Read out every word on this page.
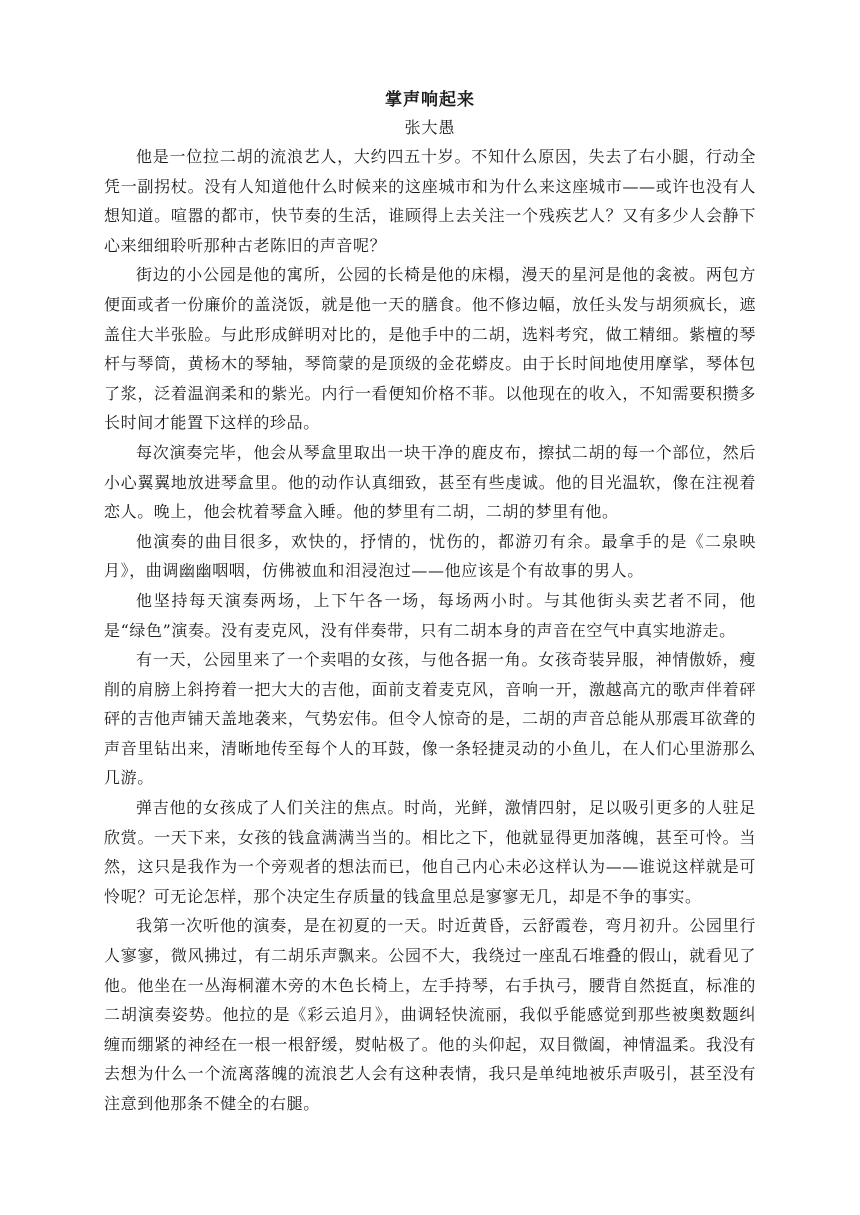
掌声响起来
张大愚

他是一位拉二胡的流浪艺人，大约四五十岁。不知什么原因，失去了右小腿，行动全凭一副拐杖。没有人知道他什么时候来的这座城市和为什么来这座城市——或许也没有人想知道。喧嚣的都市，快节奏的生活，谁顾得上去关注一个残疾艺人？又有多少人会静下心来细细聆听那种古老陈旧的声音呢？

街边的小公园是他的寓所，公园的长椅是他的床榻，漫天的星河是他的衾被。两包方便面或者一份廉价的盖浇饭，就是他一天的膳食。他不修边幅，放任头发与胡须疯长，遮盖住大半张脸。与此形成鲜明对比的，是他手中的二胡，选料考究，做工精细。紫檀的琴杆与琴筒，黄杨木的琴轴，琴筒蒙的是顶级的金花蟒皮。由于长时间地使用摩挲，琴体包了浆，泛着温润柔和的紫光。内行一看便知价格不菲。以他现在的收入，不知需要积攒多长时间才能置下这样的珍品。

每次演奏完毕，他会从琴盒里取出一块干净的鹿皮布，擦拭二胡的每一个部位，然后小心翼翼地放进琴盒里。他的动作认真细致，甚至有些虔诚。他的目光温软，像在注视着恋人。晚上，他会枕着琴盒入睡。他的梦里有二胡，二胡的梦里有他。

他演奏的曲目很多，欢快的，抒情的，忧伤的，都游刃有余。最拿手的是《二泉映月》，曲调幽幽咽咽，仿佛被血和泪浸泡过——他应该是个有故事的男人。

他坚持每天演奏两场，上下午各一场，每场两小时。与其他街头卖艺者不同，他是“绿色”演奏。没有麦克风，没有伴奏带，只有二胡本身的声音在空气中真实地游走。

有一天，公园里来了一个卖唱的女孩，与他各据一角。女孩奇装异服，神情傲娇，瘦削的肩膀上斜挎着一把大大的吉他，面前支着麦克风，音响一开，激越高亢的歌声伴着砰砰的吉他声铺天盖地袭来，气势宏伟。但令人惊奇的是，二胡的声音总能从那震耳欲聋的声音里钻出来，清晰地传至每个人的耳鼓，像一条轻捷灵动的小鱼儿，在人们心里游那么几游。

弹吉他的女孩成了人们关注的焦点。时尚，光鲜，激情四射，足以吸引更多的人驻足欣赏。一天下来，女孩的钱盒满满当当的。相比之下，他就显得更加落魄，甚至可怜。当然，这只是我作为一个旁观者的想法而已，他自己内心未必这样认为——谁说这样就是可怜呢？可无论怎样，那个决定生存质量的钱盒里总是寥寥无几，却是不争的事实。

我第一次听他的演奏，是在初夏的一天。时近黄昏，云舒霞卷，弯月初升。公园里行人寥寥，微风拂过，有二胡乐声飘来。公园不大，我绕过一座乱石堆叠的假山，就看见了他。他坐在一丛海桐灌木旁的木色长椅上，左手持琴，右手执弓，腰背自然挺直，标准的二胡演奏姿势。他拉的是《彩云追月》，曲调轻快流丽，我似乎能感觉到那些被奥数题纠缠而绷紧的神经在一根一根舒缓，熨帖极了。他的头仰起，双目微阖，神情温柔。我没有去想为什么一个流离落魄的流浪艺人会有这种表情，我只是单纯地被乐声吸引，甚至没有注意到他那条不健全的右腿。
